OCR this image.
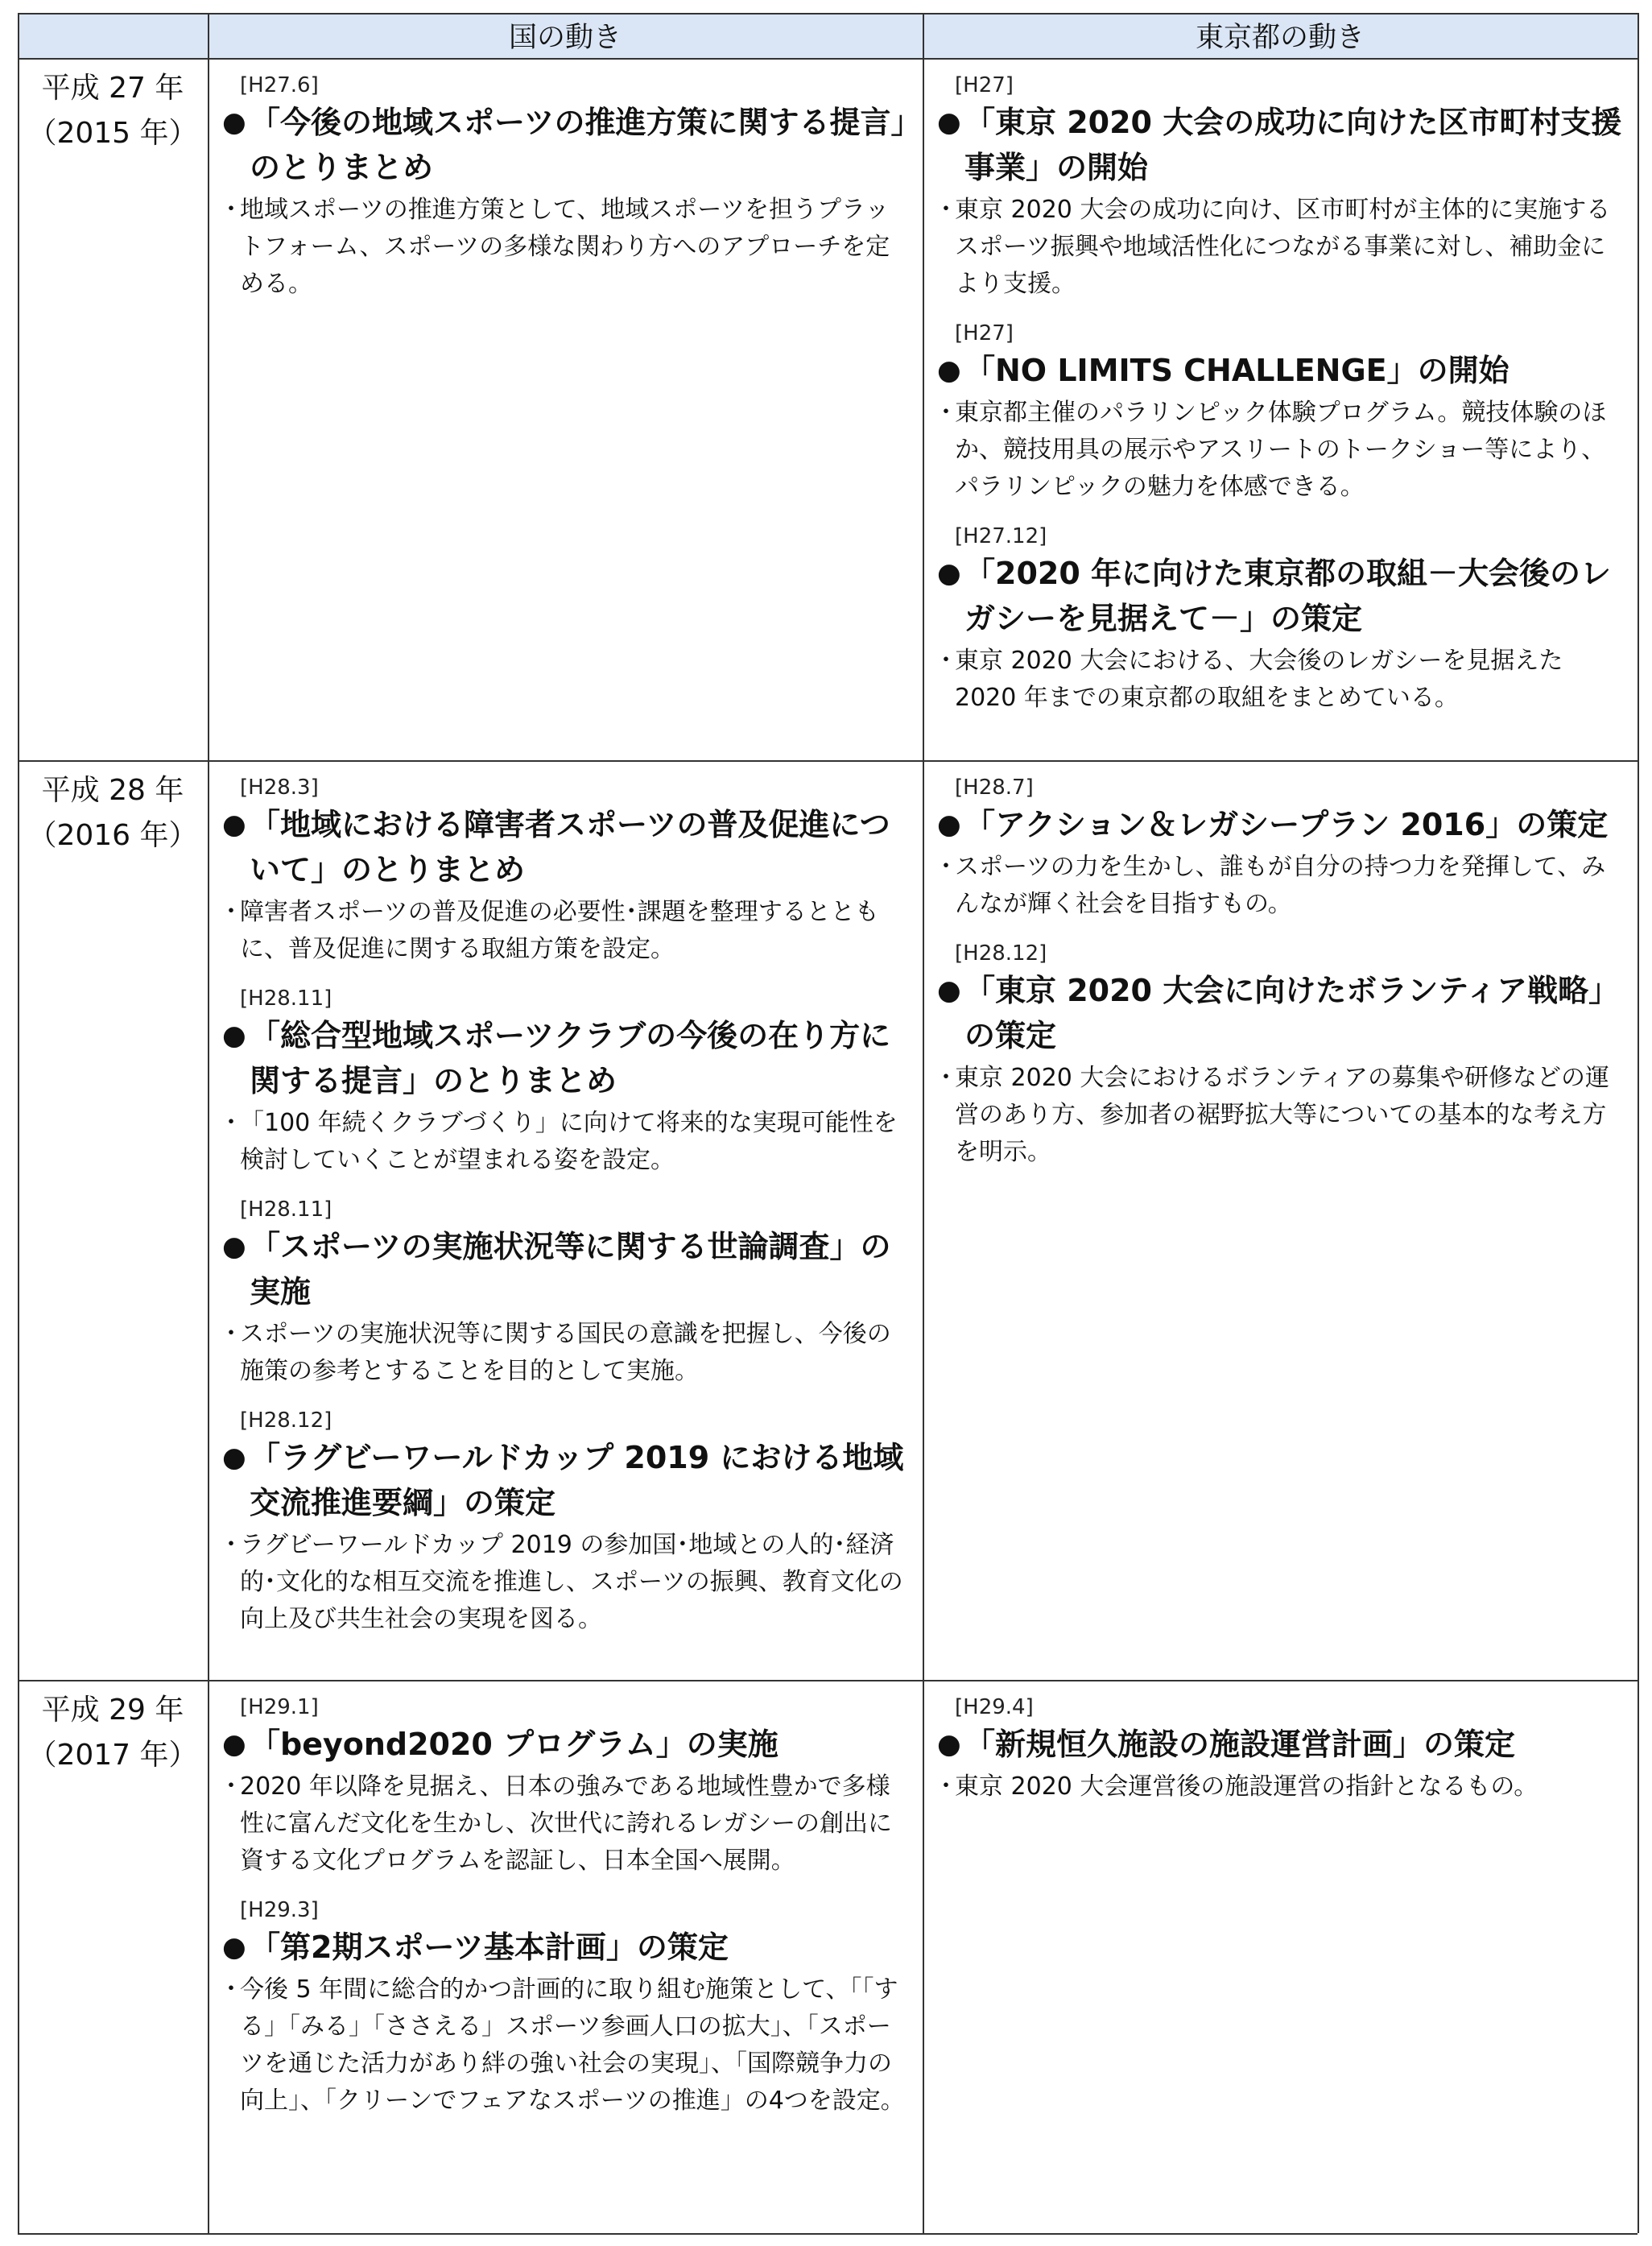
国の動き	東京都の動き
平成 27 年
（2015 年）
[H27.6]
● 「今後の地域スポーツの推進方策に関する提言」のとりまとめ
･ 地域スポーツの推進方策として、地域スポーツを担うプラットフォーム、スポーツの多様な関わり方へのアプローチを定める。
[H27]
● 「東京 2020 大会の成功に向けた区市町村支援事業」の開始
･ 東京 2020 大会の成功に向け、区市町村が主体的に実施するスポーツ振興や地域活性化につながる事業に対し、補助金により支援。
[H27]
● 「NO LIMITS CHALLENGE」の開始
･ 東京都主催のパラリンピック体験プログラム。競技体験のほか、競技用具の展示やアスリートのトークショー等により、パラリンピックの魅力を体感できる。
[H27.12]
● 「2020 年に向けた東京都の取組－大会後のレガシーを見据えて－」の策定
･ 東京 2020 大会における、大会後のレガシーを見据えた 2020 年までの東京都の取組をまとめている。
平成 28 年
（2016 年）
[H28.3]
● 「地域における障害者スポーツの普及促進について」のとりまとめ
･ 障害者スポーツの普及促進の必要性･課題を整理するとともに、普及促進に関する取組方策を設定。
[H28.11]
● 「総合型地域スポーツクラブの今後の在り方に関する提言」のとりまとめ
･ 「100 年続くクラブづくり」に向けて将来的な実現可能性を検討していくことが望まれる姿を設定。
[H28.11]
● 「スポーツの実施状況等に関する世論調査」の実施
･ スポーツの実施状況等に関する国民の意識を把握し、今後の施策の参考とすることを目的として実施。
[H28.12]
● 「ラグビーワールドカップ 2019 における地域交流推進要綱」の策定
･ ラグビーワールドカップ 2019 の参加国･地域との人的･経済的･文化的な相互交流を推進し、スポーツの振興、教育文化の向上及び共生社会の実現を図る。
[H28.7]
● 「アクション＆レガシープラン 2016」の策定
･ スポーツの力を生かし、誰もが自分の持つ力を発揮して、みんなが輝く社会を目指すもの。
[H28.12]
● 「東京 2020 大会に向けたボランティア戦略」の策定
･ 東京 2020 大会におけるボランティアの募集や研修などの運営のあり方、参加者の裾野拡大等についての基本的な考え方を明示。
平成 29 年
（2017 年）
[H29.1]
● 「beyond2020 プログラム」の実施
･ 2020 年以降を見据え、日本の強みである地域性豊かで多様性に富んだ文化を生かし、次世代に誇れるレガシーの創出に資する文化プログラムを認証し、日本全国へ展開。
[H29.3]
● 「第2期スポーツ基本計画」の策定
･ 今後 5 年間に総合的かつ計画的に取り組む施策として、「「する」「みる」「ささえる」スポーツ参画人口の拡大」、「スポーツを通じた活力があり絆の強い社会の実現」、「国際競争力の向上」、「クリーンでフェアなスポーツの推進」の4つを設定。
[H29.4]
● 「新規恒久施設の施設運営計画」の策定
･ 東京 2020 大会運営後の施設運営の指針となるもの。
